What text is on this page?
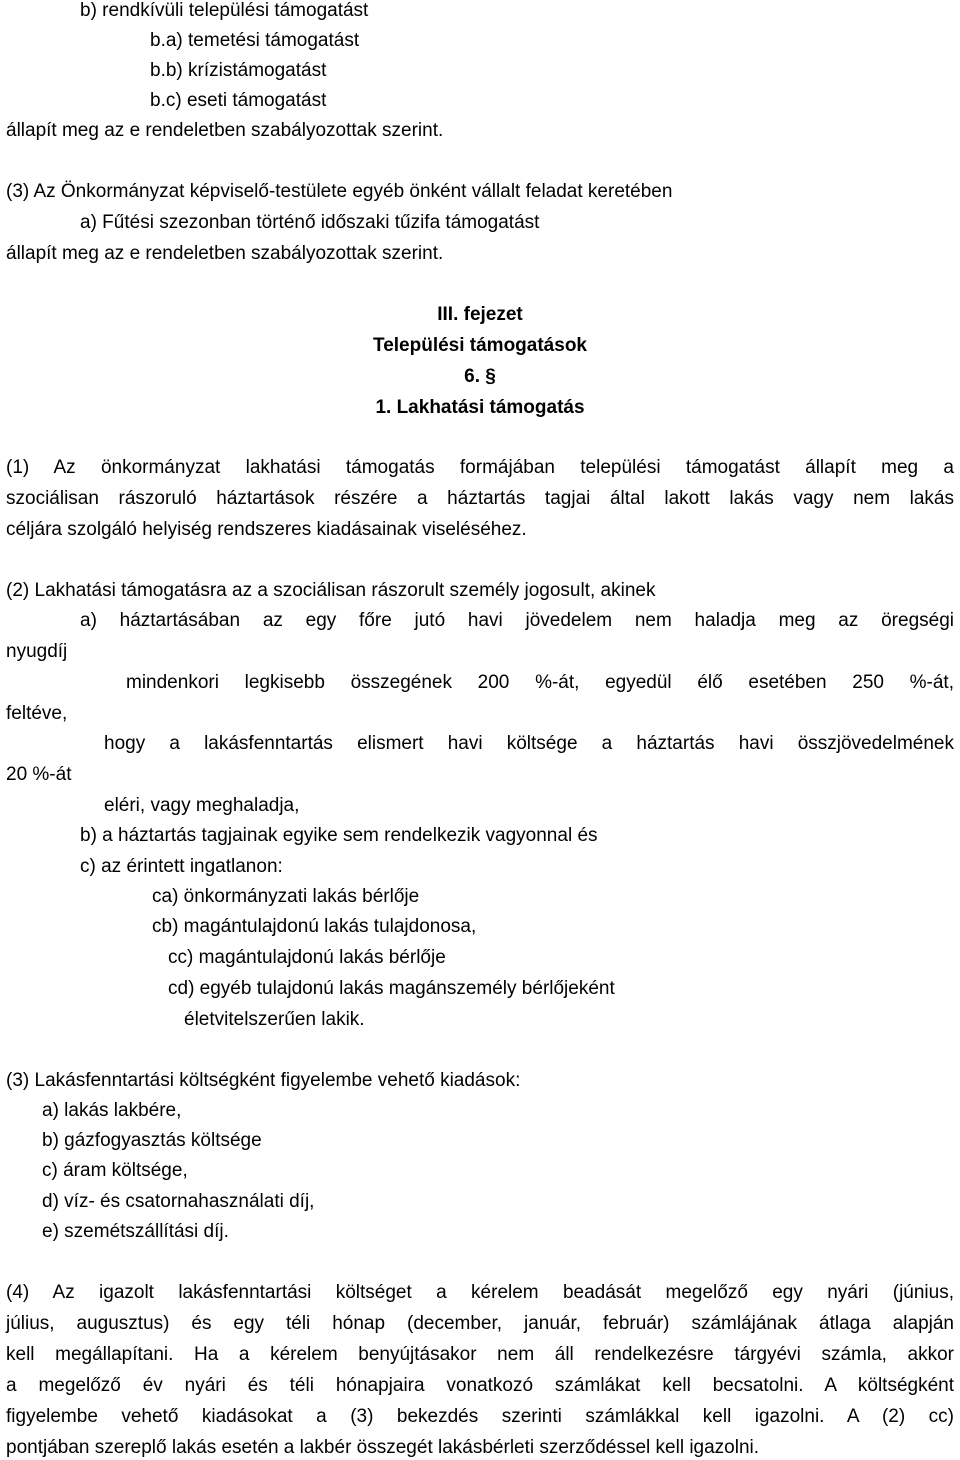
b) rendkívüli települési támogatást
b.a) temetési támogatást
b.b) krízistámogatást
b.c) eseti támogatást
állapít meg az e rendeletben szabályozottak szerint.
(3) Az Önkormányzat képviselő-testülete egyéb önként vállalt feladat keretében
a) Fűtési szezonban történő időszaki tűzifa támogatást
állapít meg az e rendeletben szabályozottak szerint.
III. fejezet
Települési támogatások
6. §
1. Lakhatási támogatás
(1) Az önkormányzat lakhatási támogatás formájában települési támogatást állapít meg a
szociálisan rászoruló háztartások részére a háztartás tagjai által lakott lakás vagy nem lakás
céljára szolgáló helyiség rendszeres kiadásainak viseléséhez.
(2) Lakhatási támogatásra az a szociálisan rászorult személy jogosult, akinek
a) háztartásában az egy főre jutó havi jövedelem nem haladja meg az öregségi
nyugdíj
mindenkori legkisebb összegének 200 %-át, egyedül élő esetében 250 %-át,
feltéve,
hogy a lakásfenntartás elismert havi költsége a háztartás havi összjövedelmének
20 %-át
eléri, vagy meghaladja,
b) a háztartás tagjainak egyike sem rendelkezik vagyonnal és
c) az érintett ingatlanon:
ca) önkormányzati lakás bérlője
cb) magántulajdonú lakás tulajdonosa,
cc) magántulajdonú lakás bérlője
cd) egyéb tulajdonú lakás magánszemély bérlőjeként
életvitelszerűen lakik.
(3) Lakásfenntartási költségként figyelembe vehető kiadások:
a) lakás lakbére,
b) gázfogyasztás költsége
c) áram költsége,
d) víz- és csatornahasználati díj,
e) szemétszállítási díj.
(4) Az igazolt lakásfenntartási költséget a kérelem beadását megelőző egy nyári (június,
július, augusztus) és egy téli hónap (december, január, február) számlájának átlaga alapján
kell megállapítani. Ha a kérelem benyújtásakor nem áll rendelkezésre tárgyévi számla, akkor
a megelőző év nyári és téli hónapjaira vonatkozó számlákat kell becsatolni. A költségként
figyelembe vehető kiadásokat a (3) bekezdés szerinti számlákkal kell igazolni. A (2) cc)
pontjában szereplő lakás esetén a lakbér összegét lakásbérleti szerződéssel kell igazolni.
